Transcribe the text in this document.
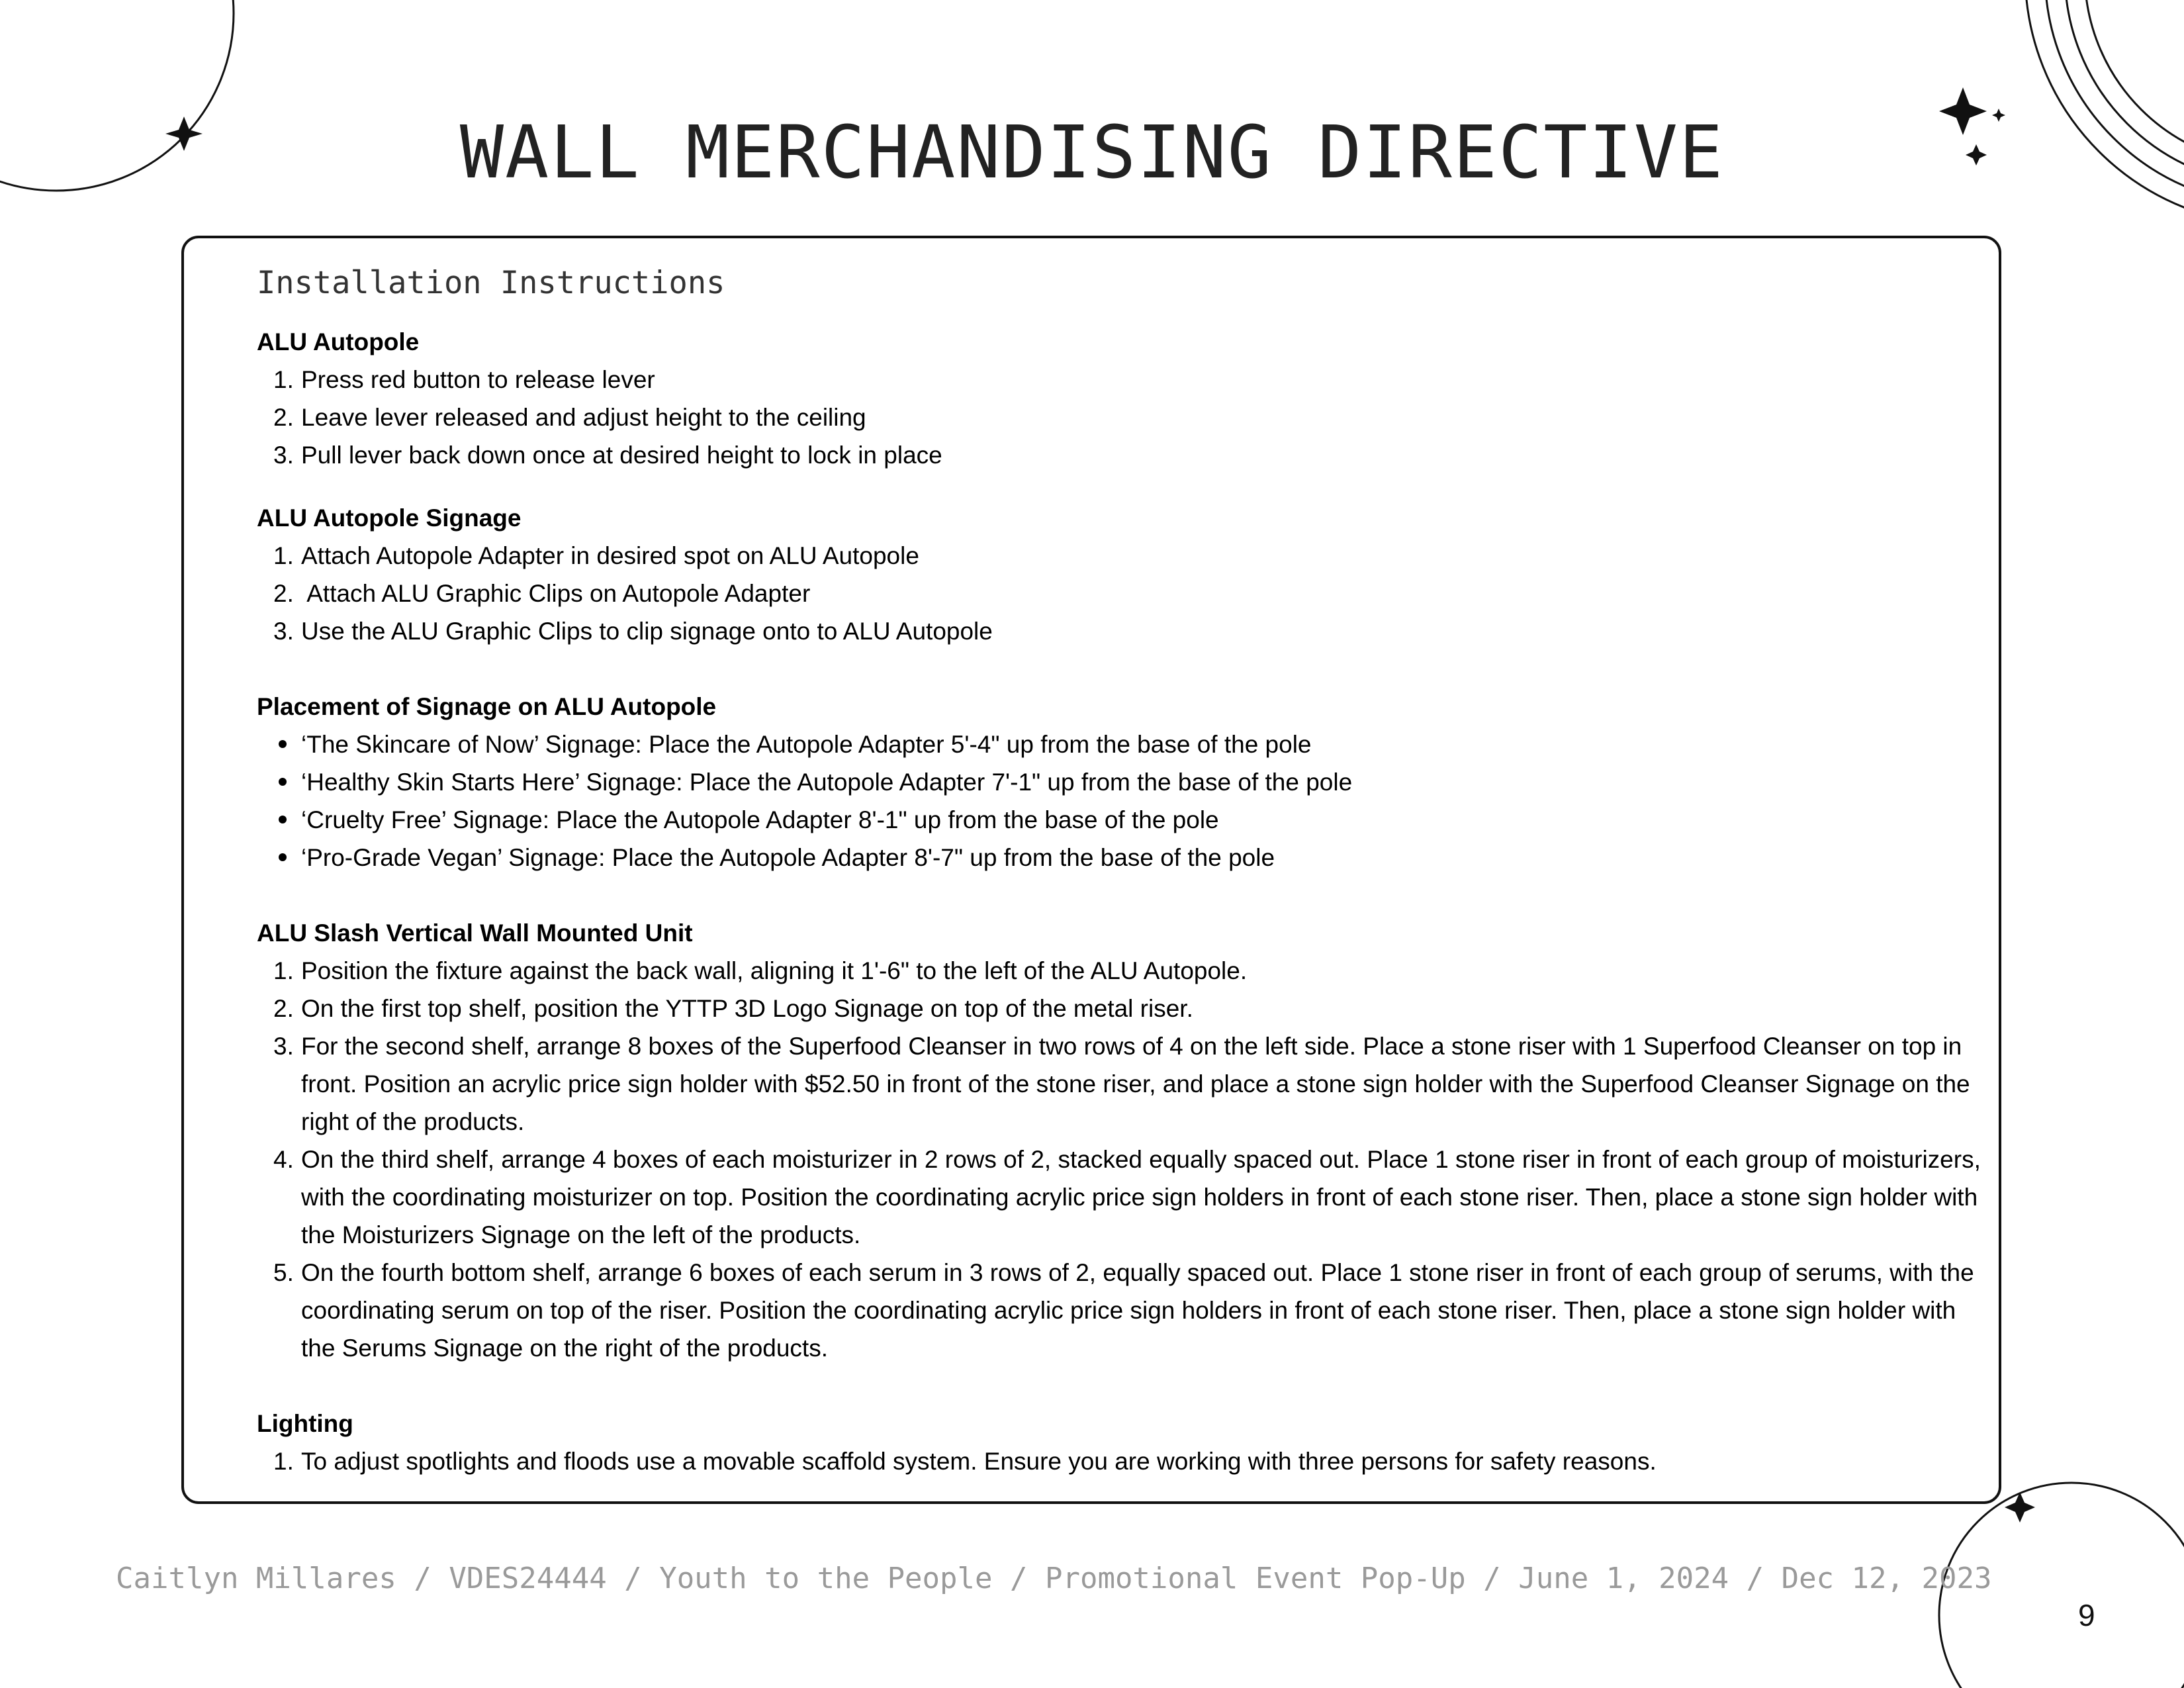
WALL MERCHANDISING DIRECTIVE
Installation Instructions
ALU Autopole
1. Press red button to release lever
2. Leave lever released and adjust height to the ceiling
3. Pull lever back down once at desired height to lock in place
ALU Autopole Signage
1. Attach Autopole Adapter in desired spot on ALU Autopole
2. Attach ALU Graphic Clips on Autopole Adapter
3. Use the ALU Graphic Clips to clip signage onto to ALU Autopole
Placement of Signage on ALU Autopole
‘The Skincare of Now’ Signage: Place the Autopole Adapter 5'-4" up from the base of the pole
‘Healthy Skin Starts Here’ Signage: Place the Autopole Adapter 7'-1" up from the base of the pole
‘Cruelty Free’ Signage: Place the Autopole Adapter 8'-1" up from the base of the pole
‘Pro-Grade Vegan’ Signage: Place the Autopole Adapter 8'-7" up from the base of the pole
ALU Slash Vertical Wall Mounted Unit
1. Position the fixture against the back wall, aligning it 1'-6" to the left of the ALU Autopole.
2. On the first top shelf, position the YTTP 3D Logo Signage on top of the metal riser.
3. For the second shelf, arrange 8 boxes of the Superfood Cleanser in two rows of 4 on the left side. Place a stone riser with 1 Superfood Cleanser on top in front. Position an acrylic price sign holder with $52.50 in front of the stone riser, and place a stone sign holder with the Superfood Cleanser Signage on the right of the products.
4. On the third shelf, arrange 4 boxes of each moisturizer in 2 rows of 2, stacked equally spaced out. Place 1 stone riser in front of each group of moisturizers, with the coordinating moisturizer on top. Position the coordinating acrylic price sign holders in front of each stone riser. Then, place a stone sign holder with the Moisturizers Signage on the left of the products.
5. On the fourth bottom shelf, arrange 6 boxes of each serum in 3 rows of 2, equally spaced out. Place 1 stone riser in front of each group of serums, with the coordinating serum on top of the riser. Position the coordinating acrylic price sign holders in front of each stone riser. Then, place a stone sign holder with the Serums Signage on the right of the products.
Lighting
1. To adjust spotlights and floods use a movable scaffold system. Ensure you are working with three persons for safety reasons.
Caitlyn Millares / VDES24444 / Youth to the People / Promotional Event Pop-Up / June 1, 2024 / Dec 12, 2023
9
